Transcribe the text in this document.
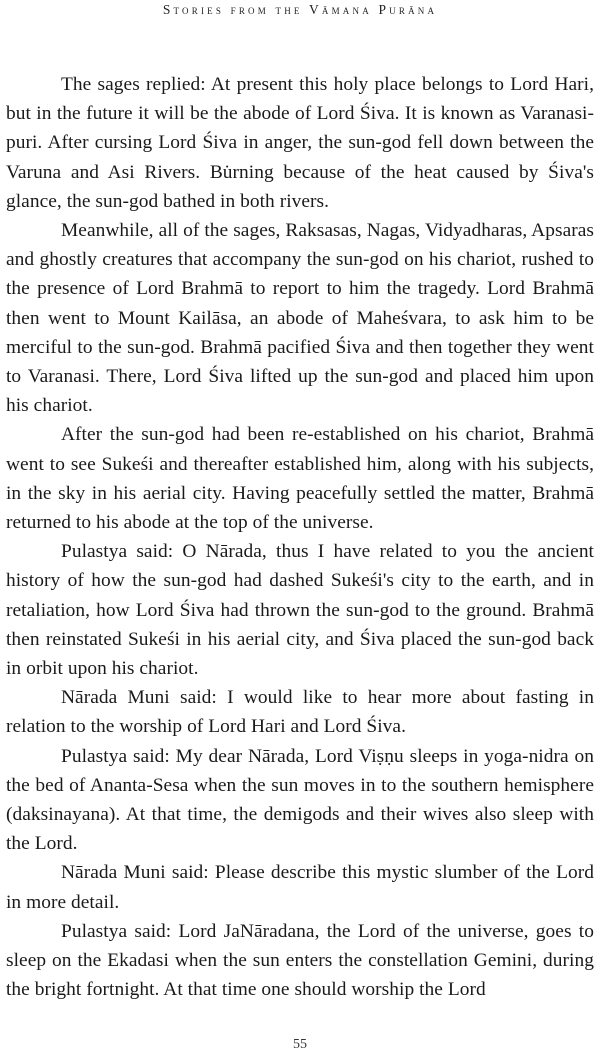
Stories from the Vāmana Purāna

The sages replied: At present this holy place belongs to Lord Hari, but in the future it will be the abode of Lord Śiva. It is known as Varanasi-puri. After cursing Lord Śiva in anger, the sun-god fell down between the Varuna and Asi Rivers. Bu̇rning because of the heat caused by Śiva's glance, the sun-god bathed in both rivers.

Meanwhile, all of the sages, Raksasas, Nagas, Vidyadharas, Apsaras and ghostly creatures that accompany the sun-god on his chariot, rushed to the presence of Lord Brahmā to report to him the tragedy. Lord Brahmā then went to Mount Kailāsa, an abode of Maheśvara, to ask him to be merciful to the sun-god. Brahmā pacified Śiva and then together they went to Varanasi. There, Lord Śiva lifted up the sun-god and placed him upon his chariot.

After the sun-god had been re-established on his chariot, Brahmā went to see Sukeśi and thereafter established him, along with his subjects, in the sky in his aerial city. Having peacefully settled the matter, Brahmā returned to his abode at the top of the universe.

Pulastya said: O Nārada, thus I have related to you the ancient history of how the sun-god had dashed Sukeśi's city to the earth, and in retaliation, how Lord Śiva had thrown the sun-god to the ground. Brahmā then reinstated Sukeśi in his aerial city, and Śiva placed the sun-god back in orbit upon his chariot.

Nārada Muni said: I would like to hear more about fasting in relation to the worship of Lord Hari and Lord Śiva.

Pulastya said: My dear Nārada, Lord Viṣṇu sleeps in yoga-nidra on the bed of Ananta-Sesa when the sun moves in to the southern hemisphere (daksinayana). At that time, the demigods and their wives also sleep with the Lord.

Nārada Muni said: Please describe this mystic slumber of the Lord in more detail.

Pulastya said: Lord JaNāradana, the Lord of the universe, goes to sleep on the Ekadasi when the sun enters the constellation Gemini, during the bright fortnight. At that time one should worship the Lord

55
